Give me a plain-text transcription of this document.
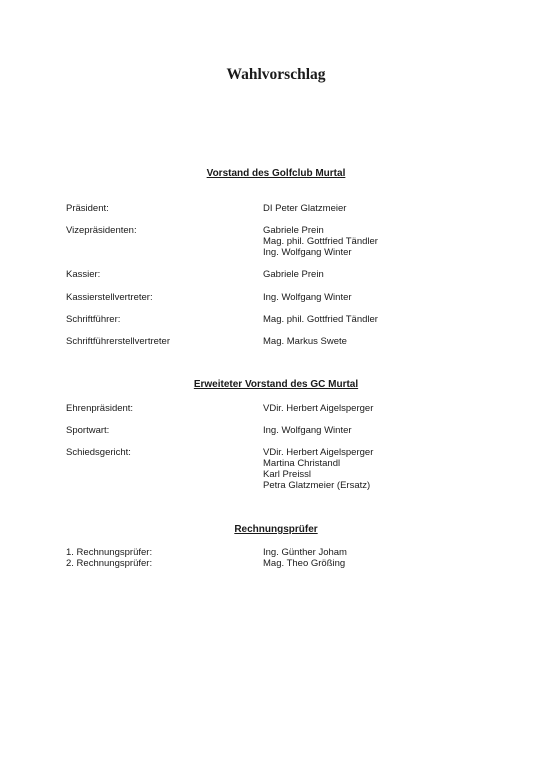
Wahlvorschlag
Vorstand des Golfclub Murtal
Präsident:	DI Peter Glatzmeier
Vizepräsidenten:	Gabriele Prein
Mag. phil. Gottfried Tändler
Ing. Wolfgang Winter
Kassier:	Gabriele Prein
Kassierstellvertreter:	Ing. Wolfgang Winter
Schriftführer:	Mag. phil. Gottfried Tändler
Schriftführerstellvertreter	Mag. Markus Swete
Erweiteter Vorstand des GC Murtal
Ehrenpräsident:	VDir. Herbert Aigelsperger
Sportwart:	Ing. Wolfgang Winter
Schiedsgericht:	VDir. Herbert Aigelsperger
Martina Christandl
Karl Preissl
Petra Glatzmeier (Ersatz)
Rechnungsprüfer
1. Rechnungsprüfer:	Ing. Günther Joham
2. Rechnungsprüfer:	Mag. Theo Größing
